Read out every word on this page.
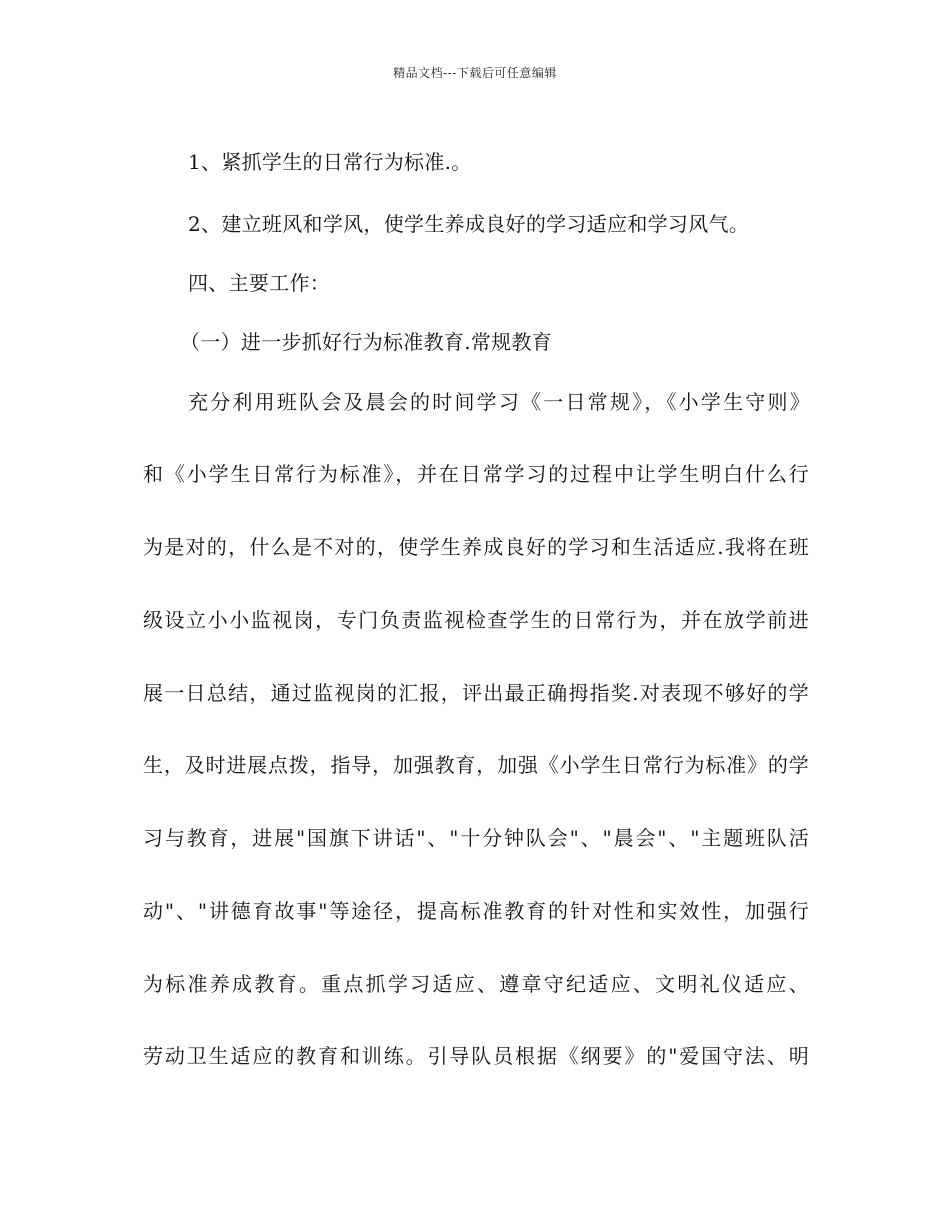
精品文档---下载后可任意编辑
1、紧抓学生的日常行为标准.。
2、建立班风和学风，使学生养成良好的学习适应和学习风气。
四、主要工作：
（一）进一步抓好行为标准教育.常规教育
充分利用班队会及晨会的时间学习《一日常规》，《小学生守则》
和《小学生日常行为标准》，并在日常学习的过程中让学生明白什么行
为是对的，什么是不对的，使学生养成良好的学习和生活适应.我将在班
级设立小小监视岗，专门负责监视检查学生的日常行为，并在放学前进
展一日总结，通过监视岗的汇报，评出最正确拇指奖.对表现不够好的学
生，及时进展点拨，指导，加强教育，加强《小学生日常行为标准》的学
习与教育，进展"国旗下讲话"、"十分钟队会"、"晨会"、"主题班队活
动"、"讲德育故事"等途径，提高标准教育的针对性和实效性，加强行
为标准养成教育。重点抓学习适应、遵章守纪适应、文明礼仪适应、
劳动卫生适应的教育和训练。引导队员根据《纲要》的"爱国守法、明
